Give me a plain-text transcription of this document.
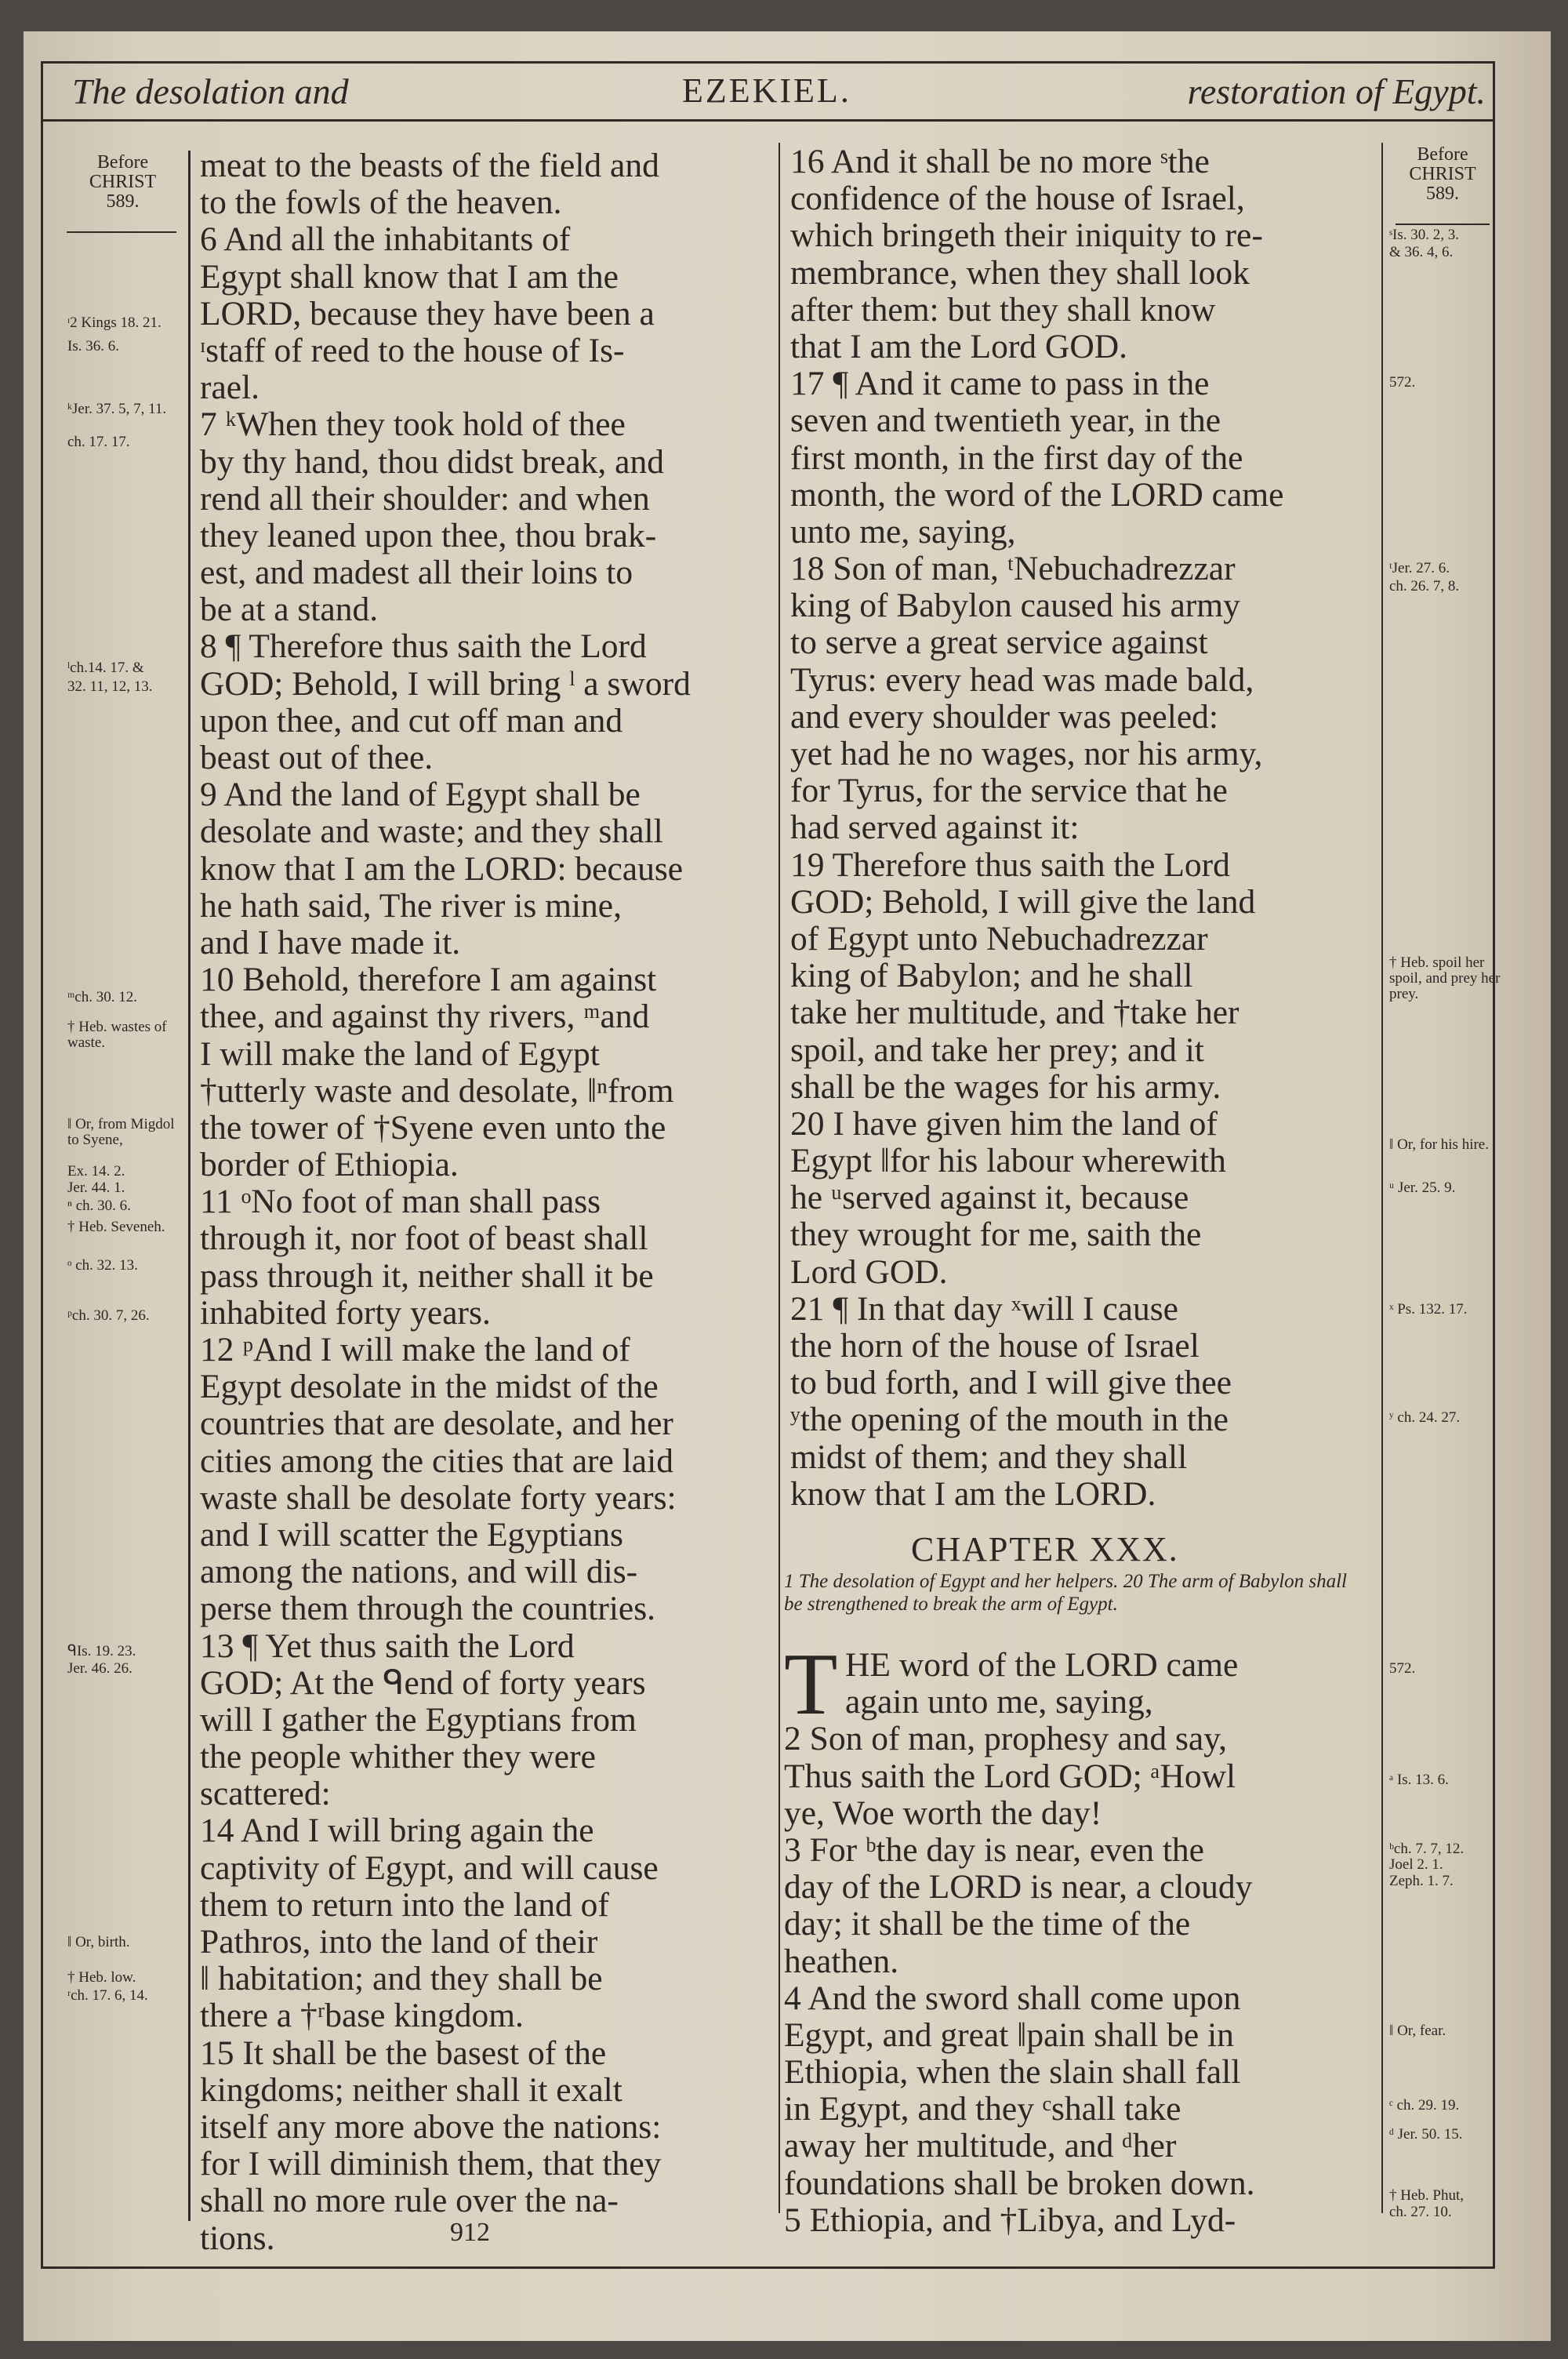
The desolation and	EZEKIEL.	restoration of Egypt.
Before
CHRIST
589.
Before
CHRIST
589.
meat to the beasts of the field and
to the fowls of the heaven.
6 And all the inhabitants of
Egypt shall know that I am the
LORD, because they have been a
ᶦstaff of reed to the house of Is-
rael.
7 ᵏWhen they took hold of thee
by thy hand, thou didst break, and
rend all their shoulder: and when
they leaned upon thee, thou brak-
est, and madest all their loins to
be at a stand.
8 ¶ Therefore thus saith the Lord
GOD; Behold, I will bring ˡ a sword
upon thee, and cut off man and
beast out of thee.
9 And the land of Egypt shall be
desolate and waste; and they shall
know that I am the LORD: because
he hath said, The river is mine,
and I have made it.
10 Behold, therefore I am against
thee, and against thy rivers, ᵐand
I will make the land of Egypt
†utterly waste and desolate, ‖ⁿfrom
the tower of †Syene even unto the
border of Ethiopia.
11 ᵒNo foot of man shall pass
through it, nor foot of beast shall
pass through it, neither shall it be
inhabited forty years.
12 ᵖAnd I will make the land of
Egypt desolate in the midst of the
countries that are desolate, and her
cities among the cities that are laid
waste shall be desolate forty years:
and I will scatter the Egyptians
among the nations, and will dis-
perse them through the countries.
13 ¶ Yet thus saith the Lord
GOD; At the ᑫend of forty years
will I gather the Egyptians from
the people whither they were
scattered:
14 And I will bring again the
captivity of Egypt, and will cause
them to return into the land of
Pathros, into the land of their
‖ habitation; and they shall be
there a †ʳbase kingdom.
15 It shall be the basest of the
kingdoms; neither shall it exalt
itself any more above the nations:
for I will diminish them, that they
shall no more rule over the na-
tions.
16 And it shall be no more ˢthe
confidence of the house of Israel,
which bringeth their iniquity to re-
membrance, when they shall look
after them: but they shall know
that I am the Lord GOD.
17 ¶ And it came to pass in the
seven and twentieth year, in the
first month, in the first day of the
month, the word of the LORD came
unto me, saying,
18 Son of man, ᵗNebuchadrezzar
king of Babylon caused his army
to serve a great service against
Tyrus: every head was made bald,
and every shoulder was peeled:
yet had he no wages, nor his army,
for Tyrus, for the service that he
had served against it:
19 Therefore thus saith the Lord
GOD; Behold, I will give the land
of Egypt unto Nebuchadrezzar
king of Babylon; and he shall
take her multitude, and †take her
spoil, and take her prey; and it
shall be the wages for his army.
20 I have given him the land of
Egypt ‖for his labour wherewith
he ᵘserved against it, because
they wrought for me, saith the
Lord GOD.
21 ¶ In that day ˣwill I cause
the horn of the house of Israel
to bud forth, and I will give thee
ʸthe opening of the mouth in the
midst of them; and they shall
know that I am the LORD.
CHAPTER XXX.
1 The desolation of Egypt and her helpers. 20 The arm of Babylon shall be strengthened to break the arm of Egypt.
T HE word of the LORD came
again unto me, saying,
2 Son of man, prophesy and say,
Thus saith the Lord GOD; ᵃHowl
ye, Woe worth the day!
3 For ᵇthe day is near, even the
day of the LORD is near, a cloudy
day; it shall be the time of the
heathen.
4 And the sword shall come upon
Egypt, and great ‖pain shall be in
Ethiopia, when the slain shall fall
in Egypt, and they ᶜshall take
away her multitude, and ᵈher
foundations shall be broken down.
5 Ethiopia, and †Libya, and Lyd-
ᶦ2 Kings 18. 21.
Is. 36. 6.
ᵏJer. 37. 5, 7, 11.
ch. 17. 17.
ˡch.14. 17. &
32. 11, 12, 13.
ᵐch. 30. 12.
† Heb. wastes of waste.
‖ Or, from Migdol to Syene,
Ex. 14. 2.
Jer. 44. 1.
ⁿ ch. 30. 6.
† Heb. Seveneh.
ᵒ ch. 32. 13.
ᵖch. 30. 7, 26.
ᑫIs. 19. 23.
Jer. 46. 26.
‖ Or, birth.
† Heb. low.
ʳch. 17. 6, 14.
ˢIs. 30. 2, 3.
& 36. 4, 6.
572.
ᵗJer. 27. 6.
ch. 26. 7, 8.
† Heb. spoil her spoil, and prey her prey.
‖ Or, for his hire.
ᵘ Jer. 25. 9.
ˣ Ps. 132. 17.
ʸ ch. 24. 27.
572.
ᵃ Is. 13. 6.
ᵇch. 7. 7, 12.
Joel 2. 1.
Zeph. 1. 7.
‖ Or, fear.
ᶜ ch. 29. 19.
ᵈ Jer. 50. 15.
† Heb. Phut,
ch. 27. 10.
912
